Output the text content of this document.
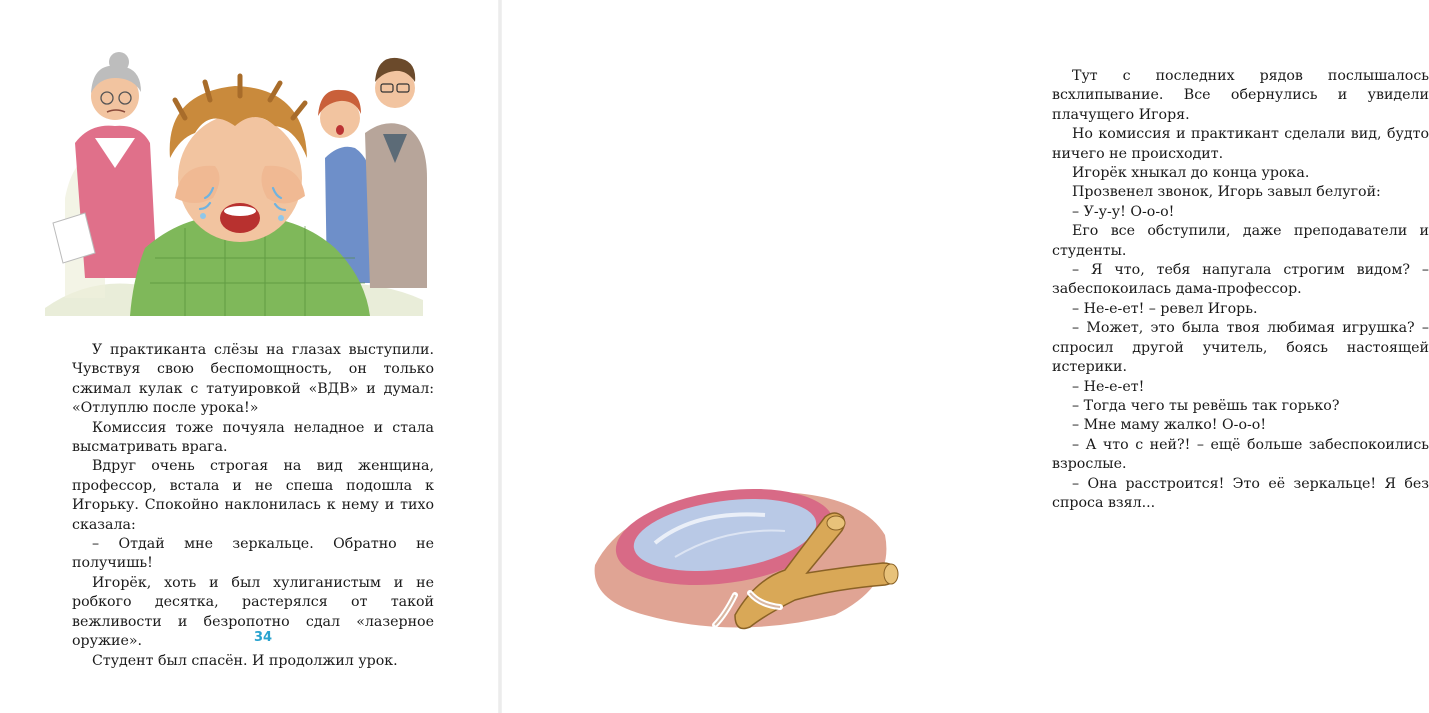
У практиканта слёзы на глазах выступили. Чувствуя свою беспомощность, он только сжимал кулак с татуировкой «ВДВ» и думал: «Отлуплю после урока!»

Комиссия тоже почуяла неладное и стала высматривать врага.

Вдруг очень строгая на вид женщина, профессор, встала и не спеша подошла к Игорьку. Спокойно наклонилась к нему и тихо сказала:

– Отдай мне зеркальце. Обратно не получишь!

Игорёк, хоть и был хулиганистым и не робкого десятка, растерялся от такой вежливости и безропотно сдал «лазерное оружие».

Студент был спасён. И продолжил урок.

34

Тут с последних рядов послышалось всхлипывание. Все обернулись и увидели плачущего Игоря.

Но комиссия и практикант сделали вид, будто ничего не происходит.

Игорёк хныкал до конца урока.

Прозвенел звонок, Игорь завыл белугой:

– У-у-у! О-о-о!

Его все обступили, даже преподаватели и студенты.

– Я что, тебя напугала строгим видом? – забеспокоилась дама-профессор.

– Не-е-ет! – ревел Игорь.

– Может, это была твоя любимая игрушка? – спросил другой учитель, боясь настоящей истерики.

– Не-е-ет!

– Тогда чего ты ревёшь так горько?

– Мне маму жалко! О-о-о!

– А что с ней?! – ещё больше забеспокоились взрослые.

– Она расстроится! Это её зеркальце! Я без спроса взял...
